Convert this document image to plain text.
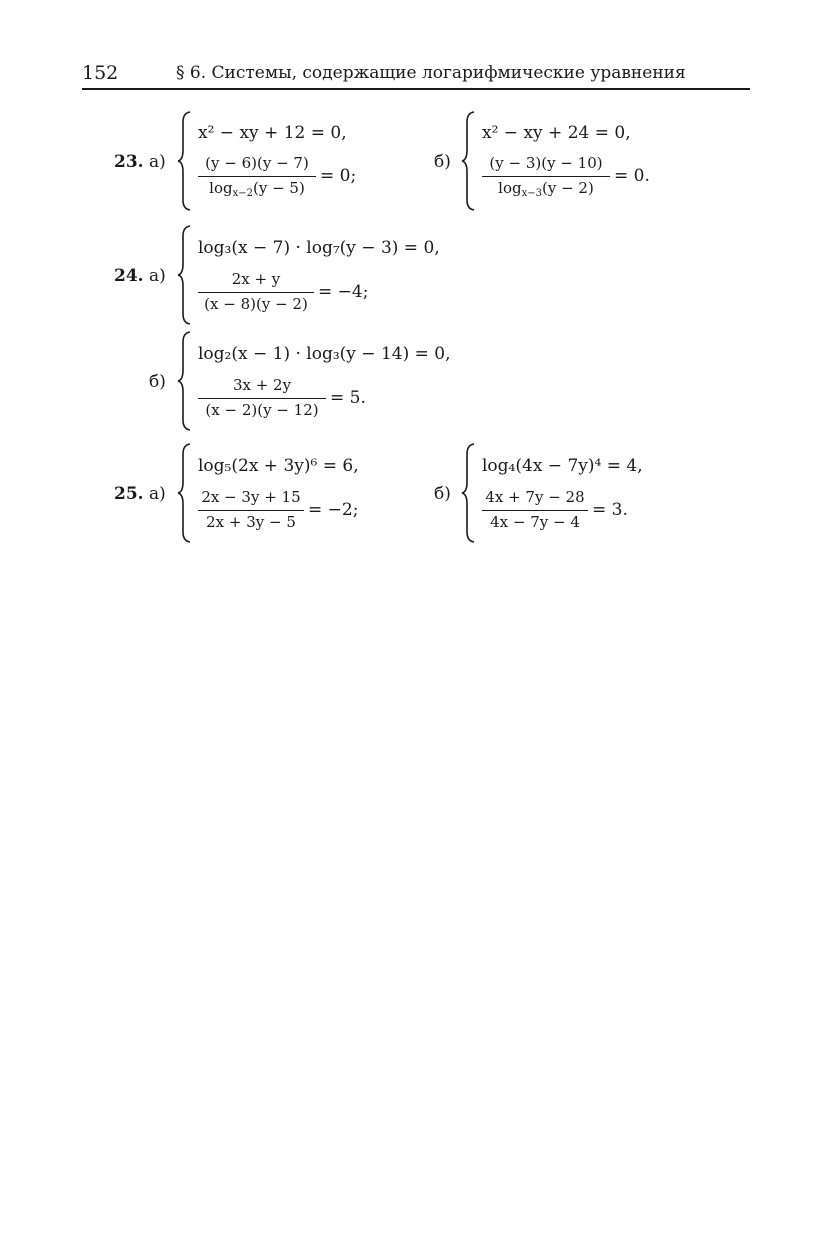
152	§ 6. Системы, содержащие логарифмические уравнения
23. а)
x² − xy + 12 = 0,
(y − 6)(y − 7)
$\log_{x-2}(y - 5)$
= 0;
б)
x² − xy + 24 = 0,
(y − 3)(y − 10)
$\log_{x-3}(y - 2)$
= 0.
24. а)
log₃(x − 7) · log₇(y − 3) = 0,
2x + y
(x − 8)(y − 2)
= −4;
б)
log₂(x − 1) · log₃(y − 14) = 0,
3x + 2y
(x − 2)(y − 12)
= 5.
25. а)
log₅(2x + 3y)⁶ = 6,
2x − 3y + 15
2x + 3y − 5
= −2;
б)
log₄(4x − 7y)⁴ = 4,
4x + 7y − 28
4x − 7y − 4
= 3.
